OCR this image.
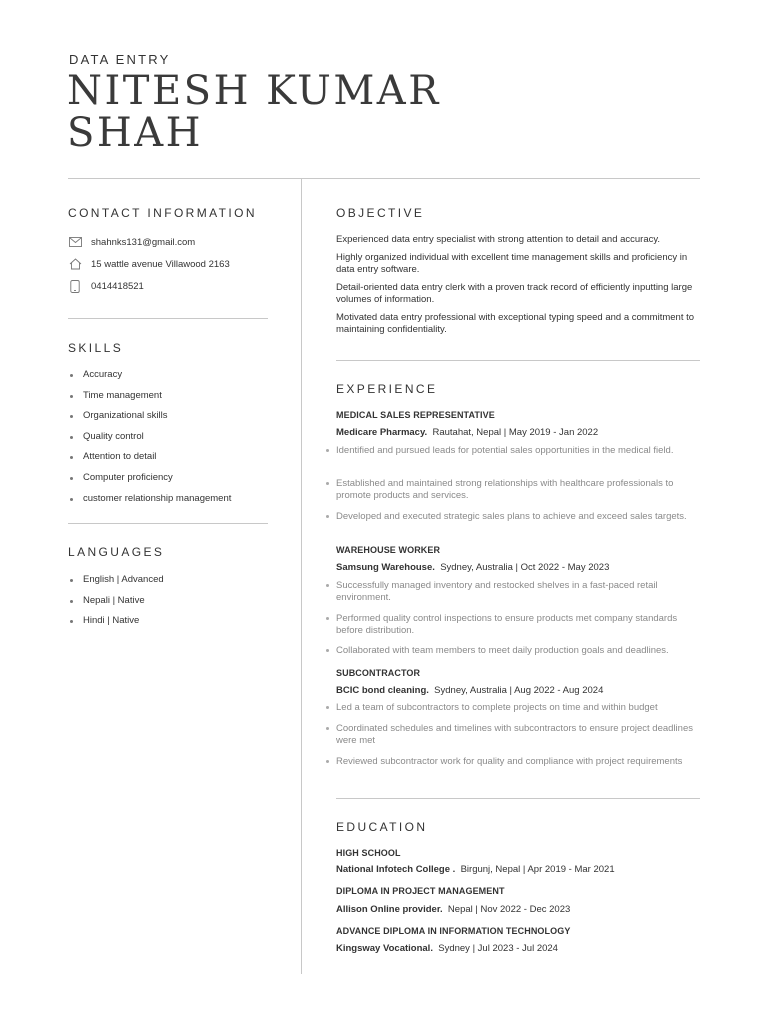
DATA ENTRY
NITESH KUMAR
SHAH
CONTACT INFORMATION
shahnks131@gmail.com
15 wattle avenue Villawood 2163
0414418521
SKILLS
Accuracy
Time management
Organizational skills
Quality control
Attention to detail
Computer proficiency
customer relationship management
LANGUAGES
English | Advanced
Nepali | Native
Hindi | Native
OBJECTIVE
Experienced data entry specialist with strong attention to detail and accuracy.
Highly organized individual with excellent time management skills and proficiency in data entry software.
Detail-oriented data entry clerk with a proven track record of efficiently inputting large volumes of information.
Motivated data entry professional with exceptional typing speed and a commitment to maintaining confidentiality.
EXPERIENCE
MEDICAL SALES REPRESENTATIVE
Medicare Pharmacy. Rautahat, Nepal | May 2019 - Jan 2022
Identified and pursued leads for potential sales opportunities in the medical field.
Established and maintained strong relationships with healthcare professionals to promote products and services.
Developed and executed strategic sales plans to achieve and exceed sales targets.
WAREHOUSE WORKER
Samsung Warehouse. Sydney, Australia | Oct 2022 - May 2023
Successfully managed inventory and restocked shelves in a fast-paced retail environment.
Performed quality control inspections to ensure products met company standards before distribution.
Collaborated with team members to meet daily production goals and deadlines.
SUBCONTRACTOR
BCIC bond cleaning. Sydney, Australia | Aug 2022 - Aug 2024
Led a team of subcontractors to complete projects on time and within budget
Coordinated schedules and timelines with subcontractors to ensure project deadlines were met
Reviewed subcontractor work for quality and compliance with project requirements
EDUCATION
HIGH SCHOOL
National Infotech College . Birgunj, Nepal | Apr 2019 - Mar 2021
DIPLOMA IN PROJECT MANAGEMENT
Allison Online provider. Nepal | Nov 2022 - Dec 2023
ADVANCE DIPLOMA IN INFORMATION TECHNOLOGY
Kingsway Vocational. Sydney | Jul 2023 - Jul 2024
